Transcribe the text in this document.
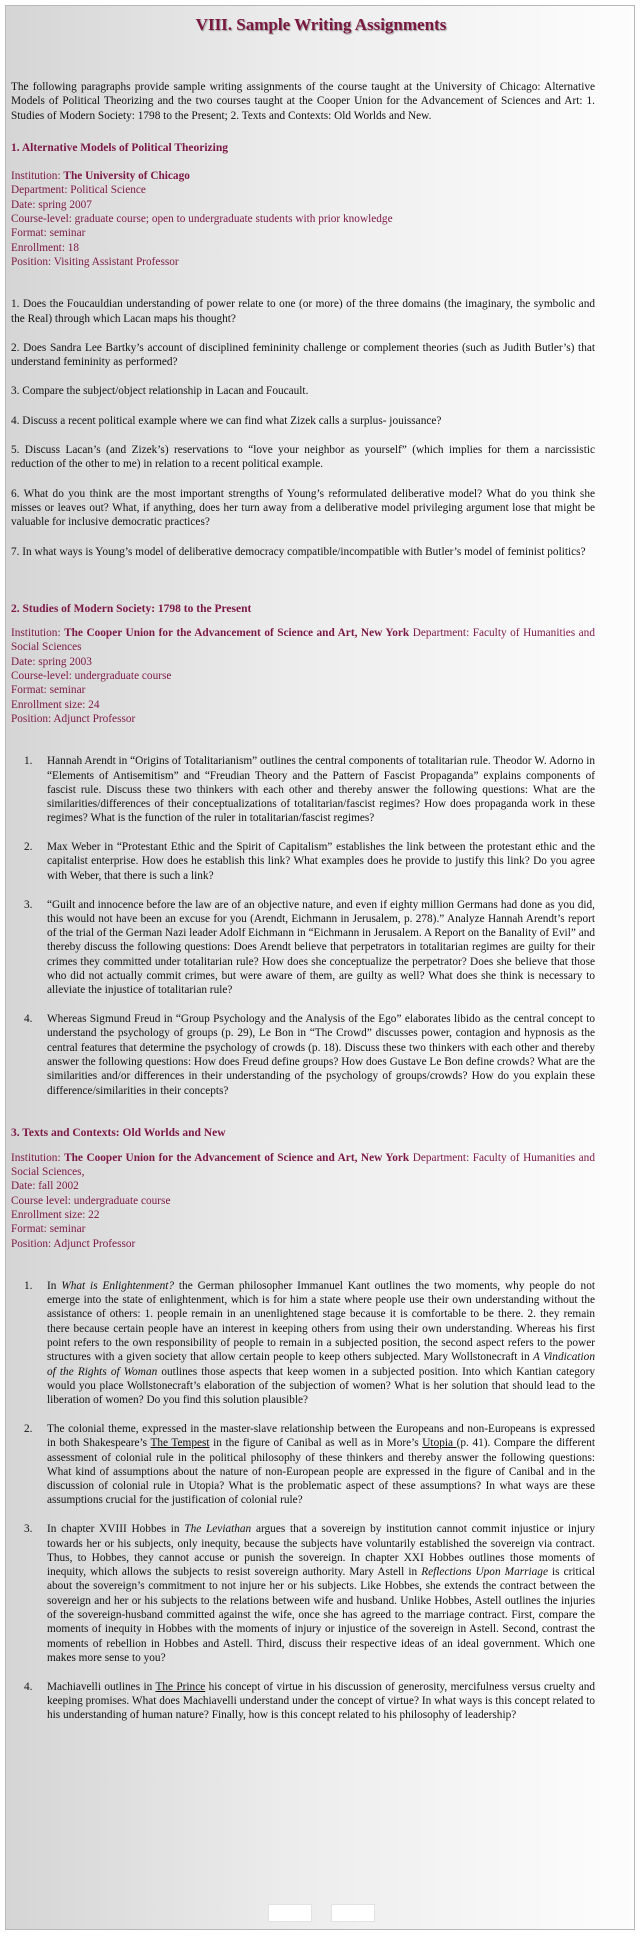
VIII. Sample Writing Assignments

The following paragraphs provide sample writing assignments of the course taught at the University of Chicago: Alternative Models of Political Theorizing and the two courses taught at the Cooper Union for the Advancement of Sciences and Art: 1. Studies of Modern Society: 1798 to the Present; 2. Texts and Contexts: Old Worlds and New.

1. Alternative Models of Political Theorizing

Institution: The University of Chicago

Department: Political Science

Date: spring 2007

Course-level: graduate course; open to undergraduate students with prior knowledge

Format: seminar

Enrollment: 18

Position: Visiting Assistant Professor

1. Does the Foucauldian understanding of power relate to one (or more) of the three domains (the imaginary, the symbolic and the Real) through which Lacan maps his thought?

2. Does Sandra Lee Bartky’s account of disciplined femininity challenge or complement theories (such as Judith Butler’s) that understand femininity as performed?

3. Compare the subject/object relationship in Lacan and Foucault.

4. Discuss a recent political example where we can find what Zizek calls a surplus- jouissance?

5. Discuss Lacan’s (and Zizek’s) reservations to “love your neighbor as yourself” (which implies for them a narcissistic reduction of the other to me) in relation to a recent political example.

6. What do you think are the most important strengths of Young’s reformulated deliberative model? What do you think she misses or leaves out? What, if anything, does her turn away from a deliberative model privileging argument lose that might be valuable for inclusive democratic practices?

7. In what ways is Young’s model of deliberative democracy compatible/incompatible with Butler’s model of feminist politics?

2. Studies of Modern Society: 1798 to the Present

Institution: The Cooper Union for the Advancement of Science and Art, New York Department: Faculty of Humanities and Social Sciences

Date: spring 2003

Course-level: undergraduate course

Format: seminar

Enrollment size: 24

Position: Adjunct Professor

1. Hannah Arendt in “Origins of Totalitarianism” outlines the central components of totalitarian rule. Theodor W. Adorno in “Elements of Antisemitism” and “Freudian Theory and the Pattern of Fascist Propaganda” explains components of fascist rule. Discuss these two thinkers with each other and thereby answer the following questions: What are the similarities/differences of their conceptualizations of totalitarian/fascist regimes? How does propaganda work in these regimes? What is the function of the ruler in totalitarian/fascist regimes?
2. Max Weber in “Protestant Ethic and the Spirit of Capitalism” establishes the link between the protestant ethic and the capitalist enterprise. How does he establish this link? What examples does he provide to justify this link? Do you agree with Weber, that there is such a link?
3. “Guilt and innocence before the law are of an objective nature, and even if eighty million Germans had done as you did, this would not have been an excuse for you (Arendt, Eichmann in Jerusalem, p. 278).” Analyze Hannah Arendt’s report of the trial of the German Nazi leader Adolf Eichmann in “Eichmann in Jerusalem. A Report on the Banality of Evil” and thereby discuss the following questions: Does Arendt believe that perpetrators in totalitarian regimes are guilty for their crimes they committed under totalitarian rule? How does she conceptualize the perpetrator? Does she believe that those who did not actually commit crimes, but were aware of them, are guilty as well? What does she think is necessary to alleviate the injustice of totalitarian rule?
4. Whereas Sigmund Freud in “Group Psychology and the Analysis of the Ego” elaborates libido as the central concept to understand the psychology of groups (p. 29), Le Bon in “The Crowd” discusses power, contagion and hypnosis as the central features that determine the psychology of crowds (p. 18). Discuss these two thinkers with each other and thereby answer the following questions: How does Freud define groups? How does Gustave Le Bon define crowds? What are the similarities and/or differences in their understanding of the psychology of groups/crowds? How do you explain these difference/similarities in their concepts?

3. Texts and Contexts: Old Worlds and New

Institution: The Cooper Union for the Advancement of Science and Art, New York Department: Faculty of Humanities and Social Sciences,

Date: fall 2002

Course level: undergraduate course

Enrollment size: 22

Format: seminar

Position: Adjunct Professor

1. In What is Enlightenment? the German philosopher Immanuel Kant outlines the two moments, why people do not emerge into the state of enlightenment, which is for him a state where people use their own understanding without the assistance of others: 1. people remain in an unenlightened stage because it is comfortable to be there. 2. they remain there because certain people have an interest in keeping others from using their own understanding. Whereas his first point refers to the own responsibility of people to remain in a subjected position, the second aspect refers to the power structures with a given society that allow certain people to keep others subjected. Mary Wollstonecraft in A Vindication of the Rights of Woman outlines those aspects that keep women in a subjected position. Into which Kantian category would you place Wollstonecraft’s elaboration of the subjection of women? What is her solution that should lead to the liberation of women? Do you find this solution plausible?
2. The colonial theme, expressed in the master-slave relationship between the Europeans and non-Europeans is expressed in both Shakespeare’s The Tempest in the figure of Canibal as well as in More’s Utopia (p. 41). Compare the different assessment of colonial rule in the political philosophy of these thinkers and thereby answer the following questions: What kind of assumptions about the nature of non-European people are expressed in the figure of Canibal and in the discussion of colonial rule in Utopia? What is the problematic aspect of these assumptions? In what ways are these assumptions crucial for the justification of colonial rule?
3. In chapter XVIII Hobbes in The Leviathan argues that a sovereign by institution cannot commit injustice or injury towards her or his subjects, only inequity, because the subjects have voluntarily established the sovereign via contract. Thus, to Hobbes, they cannot accuse or punish the sovereign. In chapter XXI Hobbes outlines those moments of inequity, which allows the subjects to resist sovereign authority. Mary Astell in Reflections Upon Marriage is critical about the sovereign’s commitment to not injure her or his subjects. Like Hobbes, she extends the contract between the sovereign and her or his subjects to the relations between wife and husband. Unlike Hobbes, Astell outlines the injuries of the sovereign-husband committed against the wife, once she has agreed to the marriage contract. First, compare the moments of inequity in Hobbes with the moments of injury or injustice of the sovereign in Astell. Second, contrast the moments of rebellion in Hobbes and Astell. Third, discuss their respective ideas of an ideal government. Which one makes more sense to you?
4. Machiavelli outlines in The Prince his concept of virtue in his discussion of generosity, mercifulness versus cruelty and keeping promises. What does Machiavelli understand under the concept of virtue? In what ways is this concept related to his understanding of human nature? Finally, how is this concept related to his philosophy of leadership?
